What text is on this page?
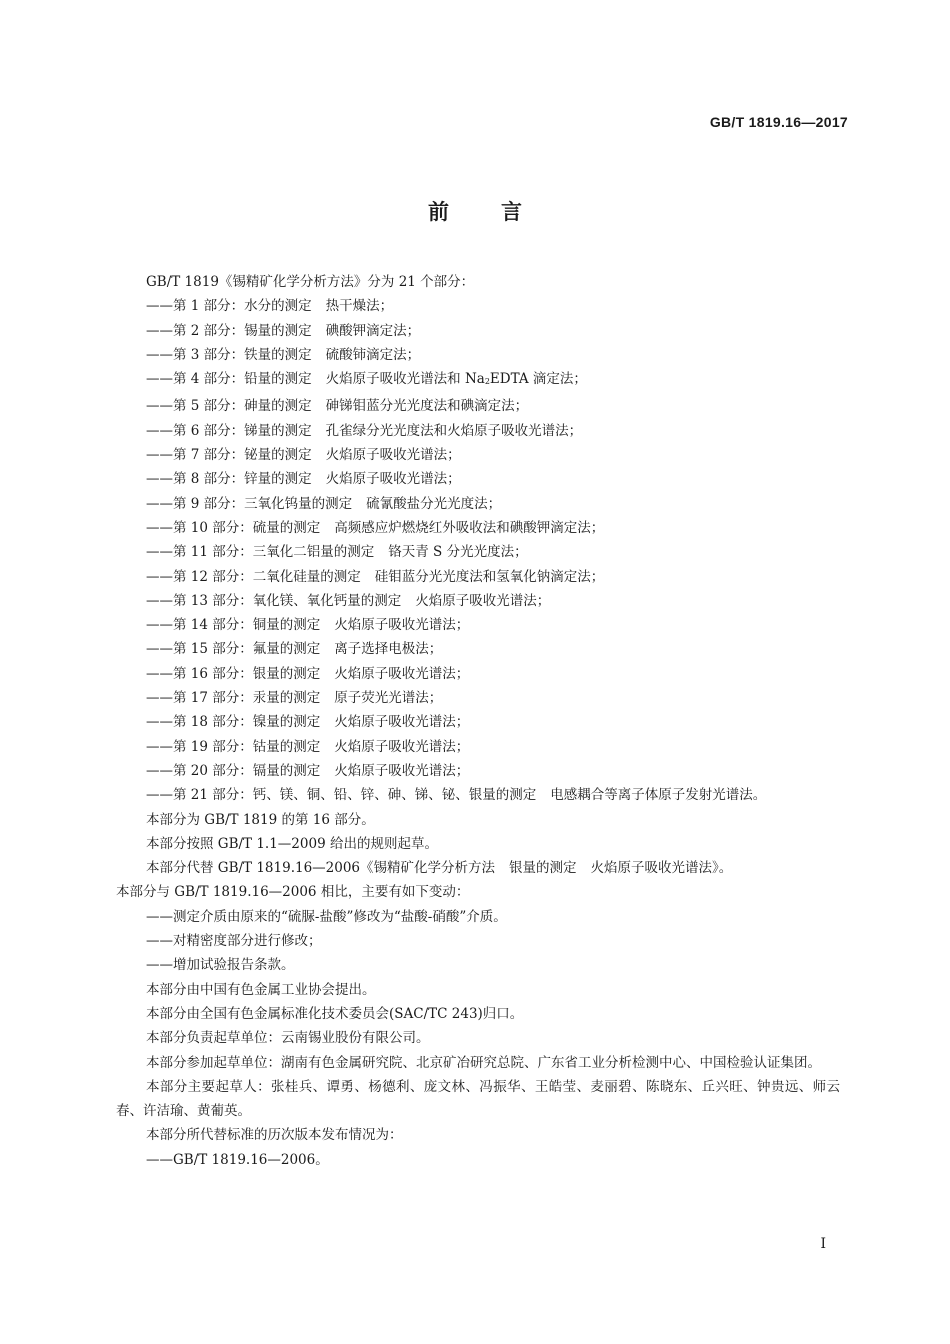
GB/T 1819.16—2017
前言
GB/T 1819《锡精矿化学分析方法》分为 21 个部分：
——第 1 部分：水分的测定 热干燥法；
——第 2 部分：锡量的测定 碘酸钾滴定法；
——第 3 部分：铁量的测定 硫酸铈滴定法；
——第 4 部分：铅量的测定 火焰原子吸收光谱法和 Na2EDTA 滴定法；
——第 5 部分：砷量的测定 砷锑钼蓝分光光度法和碘滴定法；
——第 6 部分：锑量的测定 孔雀绿分光光度法和火焰原子吸收光谱法；
——第 7 部分：铋量的测定 火焰原子吸收光谱法；
——第 8 部分：锌量的测定 火焰原子吸收光谱法；
——第 9 部分：三氧化钨量的测定 硫氰酸盐分光光度法；
——第 10 部分：硫量的测定 高频感应炉燃烧红外吸收法和碘酸钾滴定法；
——第 11 部分：三氧化二铝量的测定 铬天青 S 分光光度法；
——第 12 部分：二氧化硅量的测定 硅钼蓝分光光度法和氢氧化钠滴定法；
——第 13 部分：氧化镁、氧化钙量的测定 火焰原子吸收光谱法；
——第 14 部分：铜量的测定 火焰原子吸收光谱法；
——第 15 部分：氟量的测定 离子选择电极法；
——第 16 部分：银量的测定 火焰原子吸收光谱法；
——第 17 部分：汞量的测定 原子荧光光谱法；
——第 18 部分：镍量的测定 火焰原子吸收光谱法；
——第 19 部分：钴量的测定 火焰原子吸收光谱法；
——第 20 部分：镉量的测定 火焰原子吸收光谱法；
——第 21 部分：钙、镁、铜、铅、锌、砷、锑、铋、银量的测定 电感耦合等离子体原子发射光谱法。
本部分为 GB/T 1819 的第 16 部分。
本部分按照 GB/T 1.1—2009 给出的规则起草。
本部分代替 GB/T 1819.16—2006《锡精矿化学分析方法 银量的测定 火焰原子吸收光谱法》。
本部分与 GB/T 1819.16—2006 相比，主要有如下变动：
——测定介质由原来的“硫脲-盐酸”修改为“盐酸-硝酸”介质。
——对精密度部分进行修改；
——增加试验报告条款。
本部分由中国有色金属工业协会提出。
本部分由全国有色金属标准化技术委员会(SAC/TC 243)归口。
本部分负责起草单位：云南锡业股份有限公司。
本部分参加起草单位：湖南有色金属研究院、北京矿冶研究总院、广东省工业分析检测中心、中国检验认证集团。
本部分主要起草人：张桂兵、谭勇、杨德利、庞文林、冯振华、王皓莹、麦丽碧、陈晓东、丘兴旺、钟贵远、师云春、许洁瑜、黄葡英。
本部分所代替标准的历次版本发布情况为：
——GB/T 1819.16—2006。
I
